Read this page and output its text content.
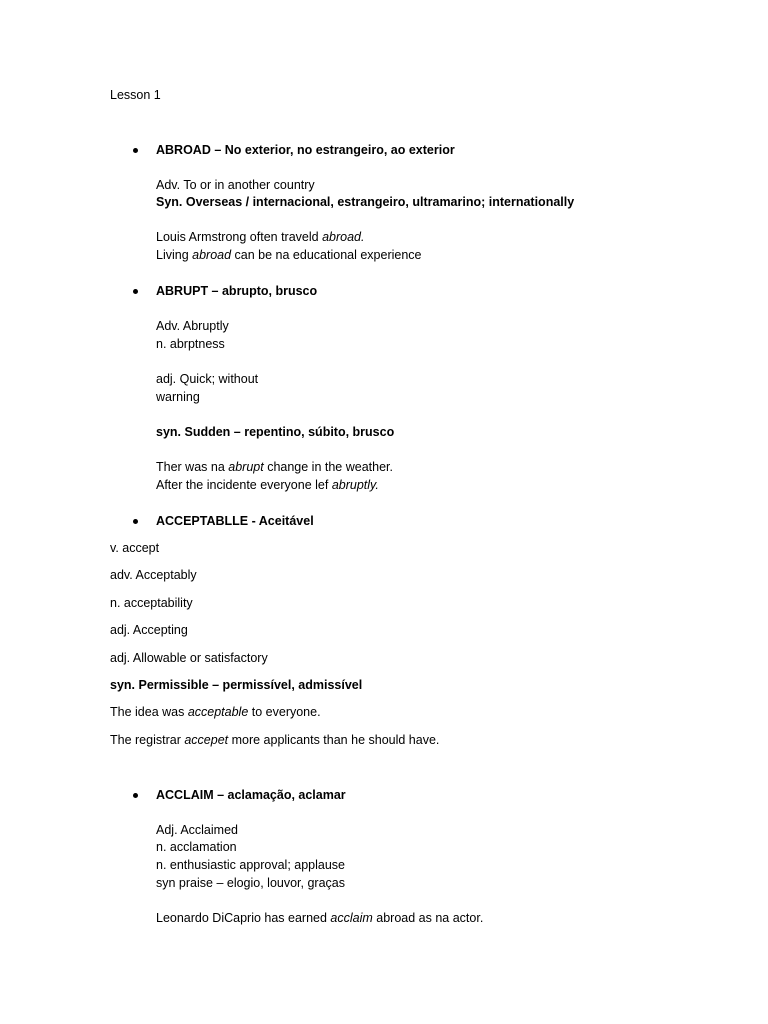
Lesson 1
ABROAD – No exterior, no estrangeiro, ao exterior
Adv. To or in another country
Syn. Overseas / internacional, estrangeiro, ultramarino; internationally
Louis Armstrong often traveld abroad.
Living abroad can be na educational experience
ABRUPT – abrupto, brusco
Adv. Abruptly
n. abrptness
adj. Quick; without
warning
syn. Sudden – repentino, súbito, brusco
Ther was na abrupt change in the weather.
After the incidente everyone lef abruptly.
ACCEPTABLLE - Aceitável
v. accept
adv. Acceptably
n. acceptability
adj. Accepting
adj. Allowable or satisfactory
syn. Permissible – permissível, admissível
The idea was acceptable to everyone.
The registrar accepet more applicants than he should have.
ACCLAIM – aclamação, aclamar
Adj. Acclaimed
n. acclamation
n. enthusiastic approval; applause
syn praise – elogio, louvor, graças
Leonardo DiCaprio has earned acclaim abroad as na actor.
